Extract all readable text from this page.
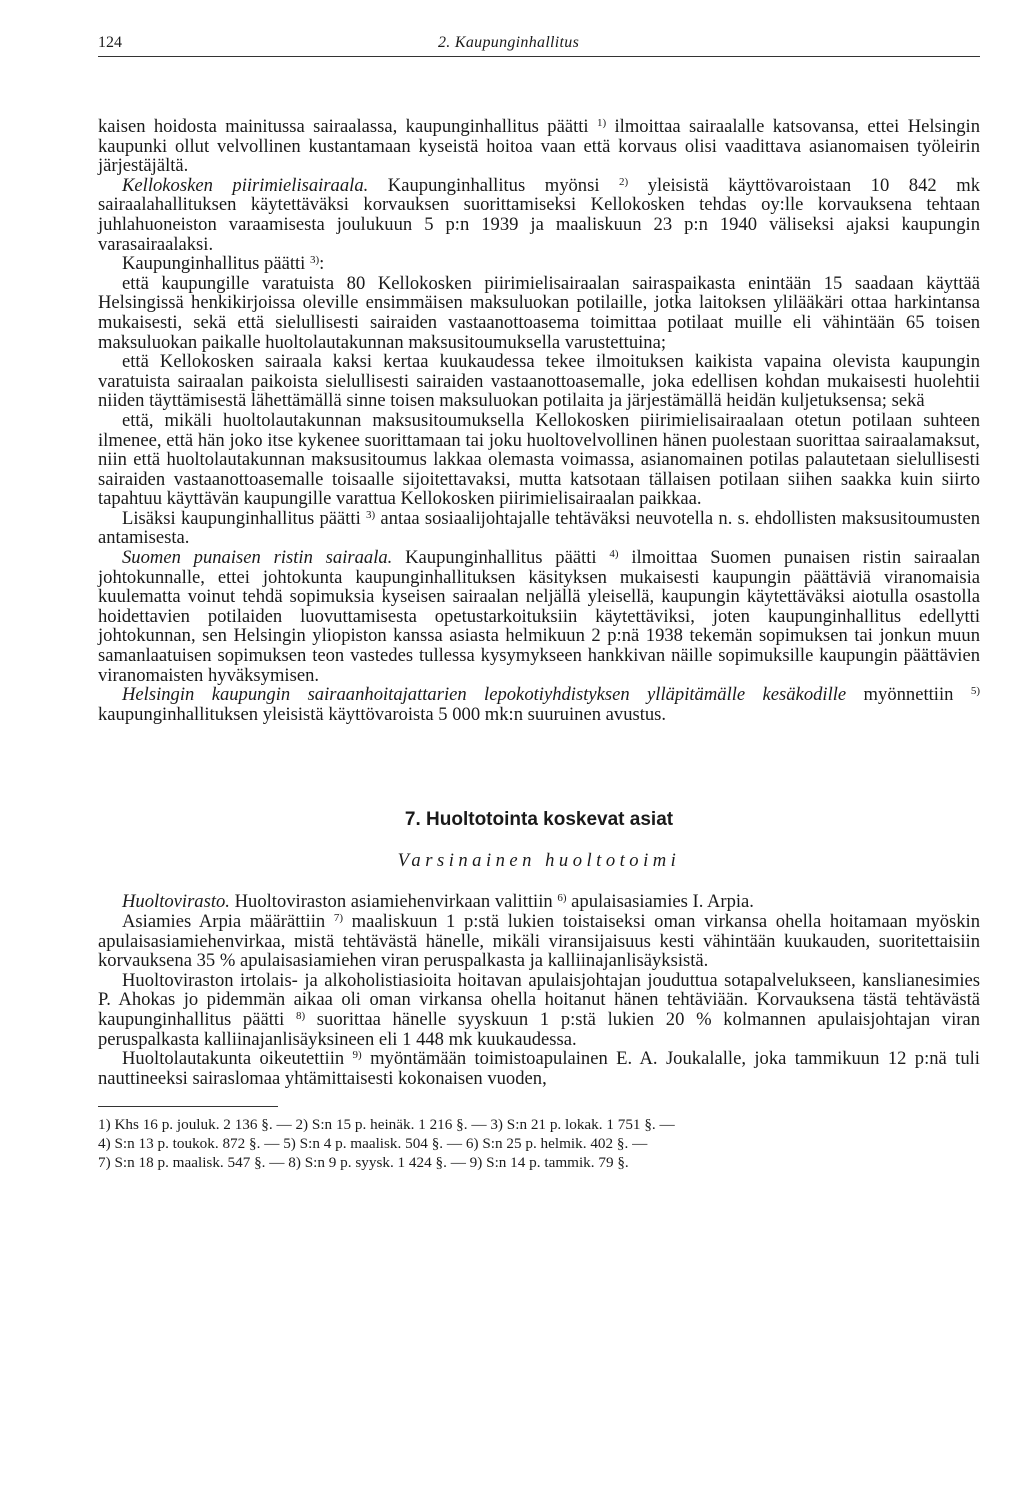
124	2. Kaupunginhallitus

kaisen hoidosta mainitussa sairaalassa, kaupunginhallitus päätti $^{1)}$ ilmoittaa sairaalalle katsovansa, ettei Helsingin kaupunki ollut velvollinen kustantamaan kyseistä hoitoa vaan että korvaus olisi vaadittava asianomaisen työleirin järjestäjältä.

Kellokosken piirimielisairaala. Kaupunginhallitus myönsi $^{2)}$ yleisistä käyttövaroistaan 10 842 mk sairaalahallituksen käytettäväksi korvauksen suorittamiseksi Kellokosken tehdas oy:lle korvauksena tehtaan juhlahuoneiston varaamisesta joulukuun 5 p:n 1939 ja maaliskuun 23 p:n 1940 väliseksi ajaksi kaupungin varasairaalaksi.

Kaupunginhallitus päätti $^{3)}$:

että kaupungille varatuista 80 Kellokosken piirimielisairaalan sairaspaikasta enintään 15 saadaan käyttää Helsingissä henkikirjoissa oleville ensimmäisen maksuluokan potilaille, jotka laitoksen ylilääkäri ottaa harkintansa mukaisesti, sekä että sielullisesti sairaiden vastaanottoasema toimittaa potilaat muille eli vähintään 65 toisen maksuluokan paikalle huoltolautakunnan maksusitoumuksella varustettuina;

että Kellokosken sairaala kaksi kertaa kuukaudessa tekee ilmoituksen kaikista vapaina olevista kaupungin varatuista sairaalan paikoista sielullisesti sairaiden vastaanottoasemalle, joka edellisen kohdan mukaisesti huolehtii niiden täyttämisestä lähettämällä sinne toisen maksuluokan potilaita ja järjestämällä heidän kuljetuksensa; sekä

että, mikäli huoltolautakunnan maksusitoumuksella Kellokosken piirimielisairaalaan otetun potilaan suhteen ilmenee, että hän joko itse kykenee suorittamaan tai joku huoltovelvollinen hänen puolestaan suorittaa sairaalamaksut, niin että huoltolautakunnan maksusitoumus lakkaa olemasta voimassa, asianomainen potilas palautetaan sielullisesti sairaiden vastaanottoasemalle toisaalle sijoitettavaksi, mutta katsotaan tällaisen potilaan siihen saakka kuin siirto tapahtuu käyttävän kaupungille varattua Kellokosken piirimielisairaalan paikkaa.

Lisäksi kaupunginhallitus päätti $^{3)}$ antaa sosiaalijohtajalle tehtäväksi neuvotella n. s. ehdollisten maksusitoumusten antamisesta.

Suomen punaisen ristin sairaala. Kaupunginhallitus päätti $^{4)}$ ilmoittaa Suomen punaisen ristin sairaalan johtokunnalle, ettei johtokunta kaupunginhallituksen käsityksen mukaisesti kaupungin päättäviä viranomaisia kuulematta voinut tehdä sopimuksia kyseisen sairaalan neljällä yleisellä, kaupungin käytettäväksi aiotulla osastolla hoidettavien potilaiden luovuttamisesta opetustarkoituksiin käytettäviksi, joten kaupunginhallitus edellytti johtokunnan, sen Helsingin yliopiston kanssa asiasta helmikuun 2 p:nä 1938 tekemän sopimuksen tai jonkun muun samanlaatuisen sopimuksen teon vastedes tullessa kysymykseen hankkivan näille sopimuksille kaupungin päättävien viranomaisten hyväksymisen.

Helsingin kaupungin sairaanhoitajattarien lepokotiyhdistyksen ylläpitämälle kesäkodille myönnettiin $^{5)}$ kaupunginhallituksen yleisistä käyttövaroista 5 000 mk:n suuruinen avustus.

7. Huoltotointa koskevat asiat
Varsinainen huoltotoimi

Huoltovirasto. Huoltoviraston asiamiehenvirkaan valittiin $^{6)}$ apulaisasiamies I. Arpia.

Asiamies Arpia määrättiin $^{7)}$ maaliskuun 1 p:stä lukien toistaiseksi oman virkansa ohella hoitamaan myöskin apulaisasiamiehenvirkaa, mistä tehtävästä hänelle, mikäli viransijaisuus kesti vähintään kuukauden, suoritettaisiin korvauksena 35 % apulaisasiamiehen viran peruspalkasta ja kalliinajanlisäyksistä.

Huoltoviraston irtolais- ja alkoholistiasioita hoitavan apulaisjohtajan jouduttua sotapalvelukseen, kanslianesimies P. Ahokas jo pidemmän aikaa oli oman virkansa ohella hoitanut hänen tehtäviään. Korvauksena tästä tehtävästä kaupunginhallitus päätti $^{8)}$ suorittaa hänelle syyskuun 1 p:stä lukien 20 % kolmannen apulaisjohtajan viran peruspalkasta kalliinajanlisäyksineen eli 1 448 mk kuukaudessa.

Huoltolautakunta oikeutettiin $^{9)}$ myöntämään toimistoapulainen E. A. Joukalalle, joka tammikuun 12 p:nä tuli nauttineeksi sairaslomaa yhtämittaisesti kokonaisen vuoden,

1) Khs 16 p. jouluk. 2 136 §. — 2) S:n 15 p. heinäk. 1 216 §. — 3) S:n 21 p. lokak. 1 751 §. —

4) S:n 13 p. toukok. 872 §. — 5) S:n 4 p. maalisk. 504 §. — 6) S:n 25 p. helmik. 402 §. —

7) S:n 18 p. maalisk. 547 §. — 8) S:n 9 p. syysk. 1 424 §. — 9) S:n 14 p. tammik. 79 §.
